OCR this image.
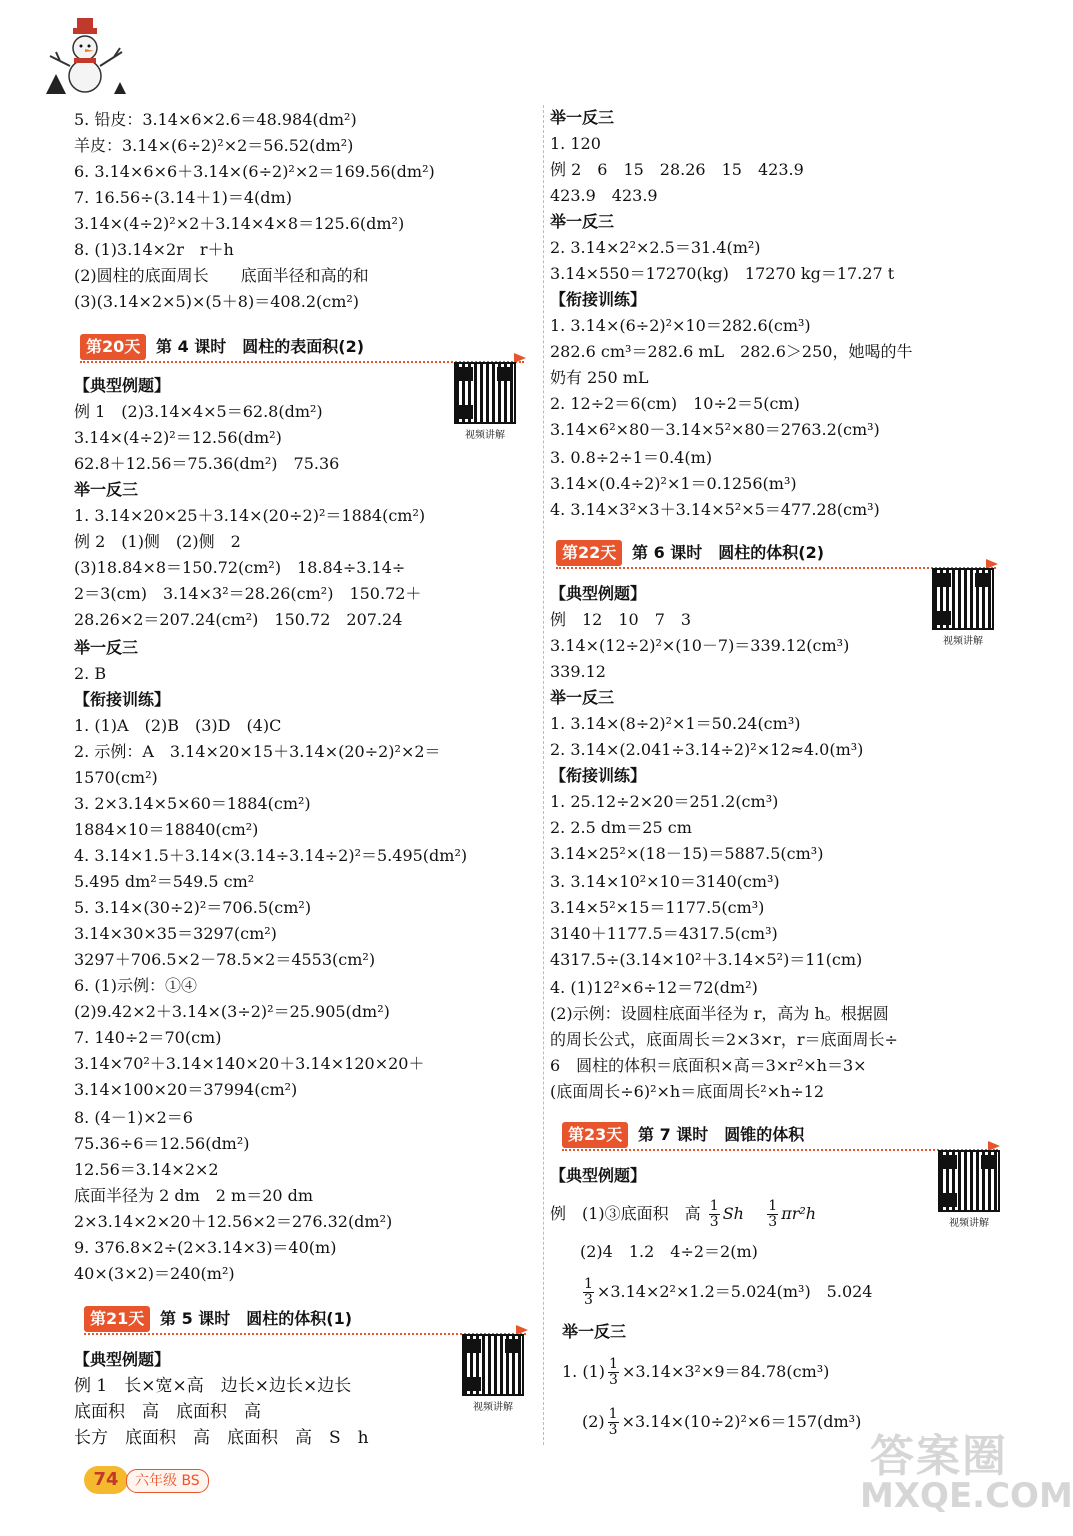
5. 铅皮：3.14×6×2.6＝48.984(dm²)
羊皮：3.14×(6÷2)²×2＝56.52(dm²)
6. 3.14×6×6＋3.14×(6÷2)²×2＝169.56(dm²)
7. 16.56÷(3.14＋1)＝4(dm)
3.14×(4÷2)²×2＋3.14×4×8＝125.6(dm²)
8. (1)3.14×2r　r＋h
(2)圆柱的底面周长　　底面半径和高的和
(3)(3.14×2×5)×(5＋8)＝408.2(cm²)
第20天 第 4 课时　圆柱的表面积(2)
视频讲解
【典型例题】
例 1　(2)3.14×4×5＝62.8(dm²)
3.14×(4÷2)²＝12.56(dm²)
62.8＋12.56＝75.36(dm²)　75.36
举一反三
1. 3.14×20×25＋3.14×(20÷2)²＝1884(cm²)
例 2　(1)侧　(2)侧　2
(3)18.84×8＝150.72(cm²)　18.84÷3.14÷
2＝3(cm)　3.14×3²＝28.26(cm²)　150.72＋
28.26×2＝207.24(cm²)　150.72　207.24
举一反三
2. B
【衔接训练】
1. (1)A　(2)B　(3)D　(4)C
2. 示例：A　3.14×20×15＋3.14×(20÷2)²×2＝
1570(cm²)
3. 2×3.14×5×60＝1884(cm²)
1884×10＝18840(cm²)
4. 3.14×1.5＋3.14×(3.14÷3.14÷2)²＝5.495(dm²)
5.495 dm²＝549.5 cm²
5. 3.14×(30÷2)²＝706.5(cm²)
3.14×30×35＝3297(cm²)
3297＋706.5×2－78.5×2＝4553(cm²)
6. (1)示例：①④
(2)9.42×2＋3.14×(3÷2)²＝25.905(dm²)
7. 140÷2＝70(cm)
3.14×70²＋3.14×140×20＋3.14×120×20＋
3.14×100×20＝37994(cm²)
8. (4－1)×2＝6
75.36÷6＝12.56(dm²)
12.56＝3.14×2×2
底面半径为 2 dm　2 m＝20 dm
2×3.14×2×20＋12.56×2＝276.32(dm²)
9. 376.8×2÷(2×3.14×3)＝40(m)
40×(3×2)＝240(m²)
第21天 第 5 课时　圆柱的体积(1)
视频讲解
【典型例题】
例 1　长×宽×高　边长×边长×边长
底面积　高　底面积　高
长方　底面积　高　底面积　高　S　h
举一反三
1. 120
例 2　6　15　28.26　15　423.9
423.9　423.9
举一反三
2. 3.14×2²×2.5＝31.4(m²)
3.14×550＝17270(kg)　17270 kg＝17.27 t
【衔接训练】
1. 3.14×(6÷2)²×10＝282.6(cm³)
282.6 cm³＝282.6 mL　282.6＞250，她喝的牛
奶有 250 mL
2. 12÷2＝6(cm)　10÷2＝5(cm)
3.14×6²×80－3.14×5²×80＝2763.2(cm³)
3. 0.8÷2÷1＝0.4(m)
3.14×(0.4÷2)²×1＝0.1256(m³)
4. 3.14×3²×3＋3.14×5²×5＝477.28(cm³)
第22天 第 6 课时　圆柱的体积(2)
视频讲解
【典型例题】
例　12　10　7　3
3.14×(12÷2)²×(10－7)＝339.12(cm³)
339.12
举一反三
1. 3.14×(8÷2)²×1＝50.24(cm³)
2. 3.14×(2.041÷3.14÷2)²×12≈4.0(m³)
【衔接训练】
1. 25.12÷2×20＝251.2(cm³)
2. 2.5 dm＝25 cm
3.14×25²×(18－15)＝5887.5(cm³)
3. 3.14×10²×10＝3140(cm³)
3.14×5²×15＝1177.5(cm³)
3140＋1177.5＝4317.5(cm³)
4317.5÷(3.14×10²＋3.14×5²)＝11(cm)
4. (1)12²×6÷12＝72(dm²)
(2)示例：设圆柱底面半径为 r，高为 h。根据圆
的周长公式，底面周长＝2×3×r，r＝底面周长÷
6　圆柱的体积＝底面积×高＝3×r²×h＝3×
(底面周长÷6)²×h＝底面周长²×h÷12
第23天 第 7 课时　圆锥的体积
视频讲解
【典型例题】
例　(1)③底面积　高 $\frac{1}{3}$ Sh $\frac{1}{3} \pi r^2h$
(2)4　1.2　4÷2＝2(m)
$\frac{1}{3} \times 3.14\times 2^2\times 1.2=5.024(m^3)$　5.024
举一反三
1. $(1) \frac{1}{3} \times 3.14\times 3^2\times 9=84.78(cm^3)$
$(2) \frac{1}{3} \times 3.14\times(10\div 2)^2\times 6=157(dm^3)$
74	六年级 BS	答案圈
MXQE.COM
